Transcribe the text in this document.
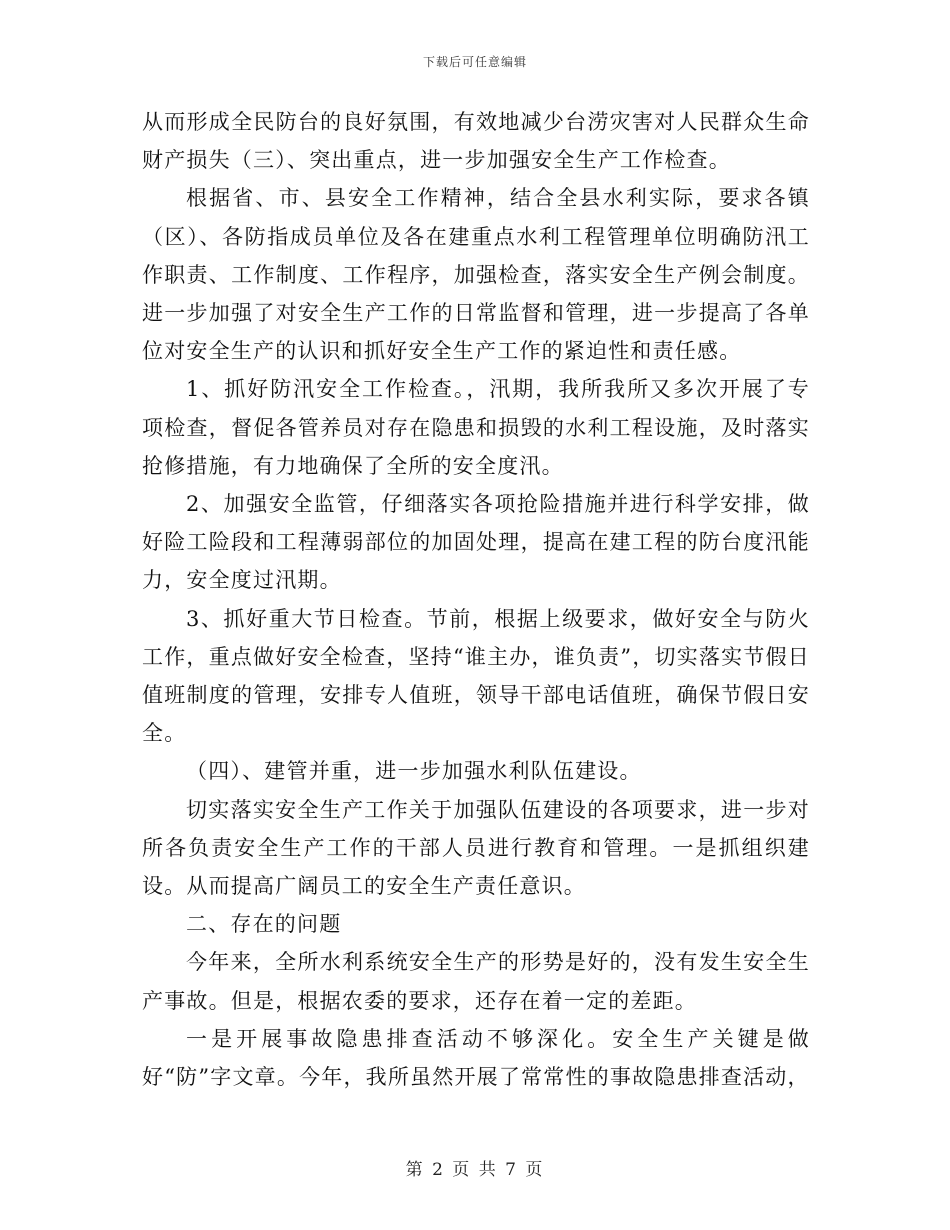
下载后可任意编辑

从而形成全民防台的良好氛围，有效地减少台涝灾害对人民群众生命财产损失（三）、突出重点，进一步加强安全生产工作检查。

根据省、市、县安全工作精神，结合全县水利实际，要求各镇（区）、各防指成员单位及各在建重点水利工程管理单位明确防汛工作职责、工作制度、工作程序，加强检查，落实安全生产例会制度。进一步加强了对安全生产工作的日常监督和管理，进一步提高了各单位对安全生产的认识和抓好安全生产工作的紧迫性和责任感。

1、抓好防汛安全工作检查。，汛期，我所我所又多次开展了专项检查，督促各管养员对存在隐患和损毁的水利工程设施，及时落实抢修措施，有力地确保了全所的安全度汛。

2、加强安全监管，仔细落实各项抢险措施并进行科学安排，做好险工险段和工程薄弱部位的加固处理，提高在建工程的防台度汛能力，安全度过汛期。

3、抓好重大节日检查。节前，根据上级要求，做好安全与防火工作，重点做好安全检查，坚持“谁主办，谁负责”，切实落实节假日值班制度的管理，安排专人值班，领导干部电话值班，确保节假日安全。

（四）、建管并重，进一步加强水利队伍建设。

切实落实安全生产工作关于加强队伍建设的各项要求，进一步对所各负责安全生产工作的干部人员进行教育和管理。一是抓组织建设。从而提高广阔员工的安全生产责任意识。

二、存在的问题

今年来，全所水利系统安全生产的形势是好的，没有发生安全生产事故。但是，根据农委的要求，还存在着一定的差距。

一是开展事故隐患排查活动不够深化。安全生产关键是做好“防”字文章。今年，我所虽然开展了常常性的事故隐患排查活动，

第 2 页 共 7 页
